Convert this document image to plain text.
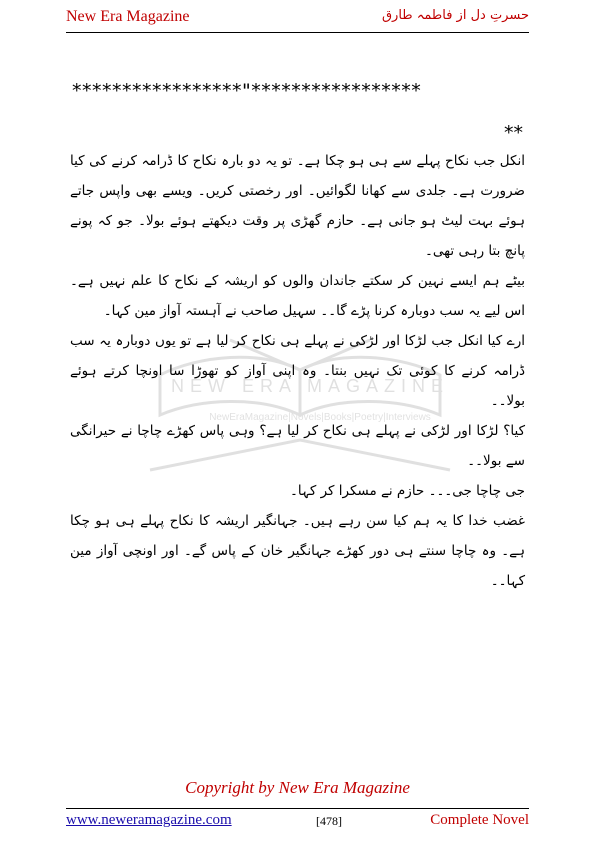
New Era Magazine	حسرتِ دل از فاطمہ طارق
NEW ERA MAGAZINE
NewEraMagazine|Novels|Books|Poetry|Interviews
*****************"*****************
**

انکل جب نکاح پہلے سے ہی ہو چکا ہے۔ تو یہ دو بارہ نکاح کا ڈرامہ کرنے کی کیا ضرورت ہے۔ جلدی سے کھانا لگوائیں۔ اور رخصتی کریں۔ ویسے بھی واپس جاتے ہوئے بہت لیٹ ہو جانی ہے۔ حازم گھڑی پر وقت دیکھتے ہوئے بولا۔ جو کہ پونے پانچ بتا رہی تھی۔

بیٹے ہم ایسے نہین کر سکتے جاندان والوں کو اریشہ کے نکاح کا علم نہیں ہے۔ اس لیے یہ سب دوبارہ کرنا پڑے گا۔۔ سہیل صاحب نے آہستہ آواز مین کہا۔

ارے کیا انکل جب لڑکا اور لڑکی نے پہلے ہی نکاح کر لیا ہے تو یوں دوبارہ یہ سب ڈرامہ کرنے کا کوئی تک نہیں بنتا۔ وہ اپنی آواز کو تھوڑا سا اونچا کرتے ہوئے بولا۔۔

کیا؟ لڑکا اور لڑکی نے پہلے ہی نکاح کر لیا ہے؟ وہی پاس کھڑے چاچا نے حیرانگی سے بولا۔۔

جی چاچا جی۔۔۔ حازم نے مسکرا کر کہا۔

غضب خدا کا یہ ہم کیا سن رہے ہیں۔ جہانگیر اریشہ کا نکاح پہلے ہی ہو چکا ہے۔ وہ چاچا سنتے ہی دور کھڑے جہانگیر خان کے پاس گے۔ اور اونچی آواز مین کہا۔۔

Copyright by New Era Magazine
www.neweramagazine.com	[478]	Complete Novel
